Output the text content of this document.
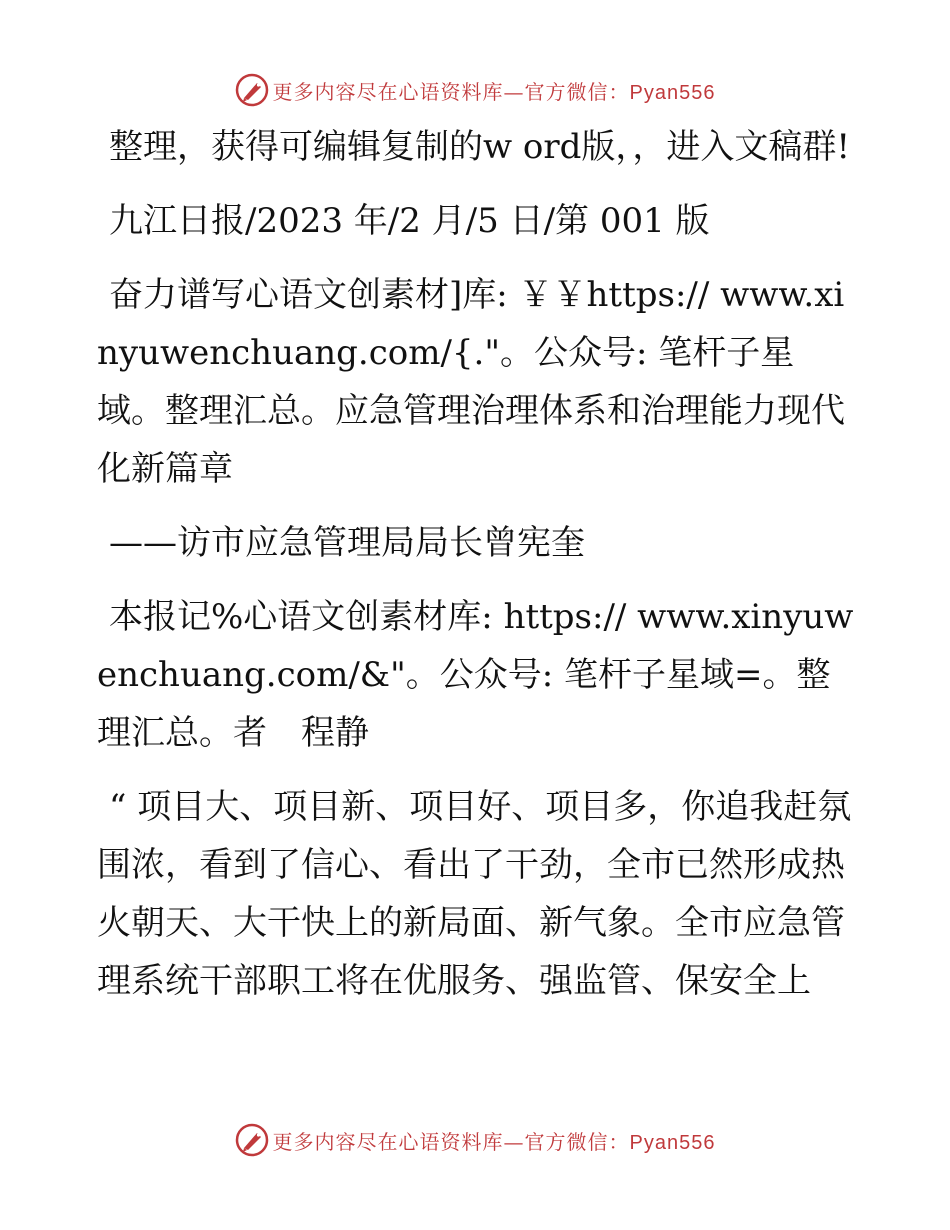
更多内容尽在心语资料库—官方微信：Pyan556

整理，获得可编辑复制的w ord版，，进入文稿群!

九江日报/2023 年/2 月/5 日/第 001 版

奋力谱写心语文创素材]库: ￥￥https:// www.xinyuwenchuang.com/{."。公众号: 笔杆子星域。整理汇总。应急管理治理体系和治理能力现代化新篇章

——访市应急管理局局长曾宪奎

本报记%心语文创素材库: https:// www.xinyuwenchuang.com/&"。公众号: 笔杆子星域=。整理汇总。者　程静

“ 项目大、项目新、项目好、项目多，你追我赶氛围浓，看到了信心、看出了干劲，全市已然形成热火朝天、大干快上的新局面、新气象。全市应急管理系统干部职工将在优服务、强监管、保安全上

更多内容尽在心语资料库—官方微信：Pyan556
